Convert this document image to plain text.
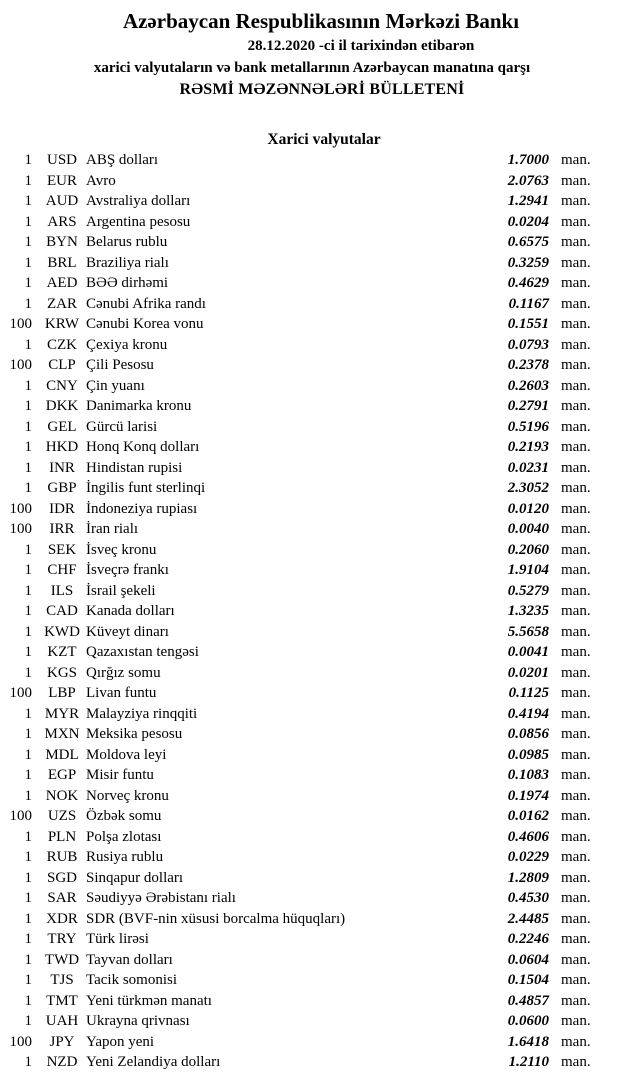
Azərbaycan Respublikasının Mərkəzi Bankı
28.12.2020 -ci il tarixindən etibarən
xarici valyutaların və bank metallarının Azərbaycan manatına qarşı
RƏSMİ MƏZƏNNƏLƏRİ BÜLLETENİ
Xarici valyutalar
1 USD ABŞ dolları	1.7000 man.
1	EUR Avro	2.0763 man.
1 AUD Avstraliya dolları	1.2941 man.
1	ARS Argentina pesosu	0.0204 man.
1 BYN Belarus rublu	0.6575 man.
1	BRL Braziliya rialı	0.3259 man.
1 AED BƏƏ dirhəmi	0.4629 man.
1	ZAR Cənubi Afrika randı	0.1167 man.
100 KRW Cənubi Korea vonu	0.1551 man.
1	CZK Çexiya kronu	0.0793 man.
100	CLP Çili Pesosu	0.2378 man.
1 CNY Çin yuanı	0.2603 man.
1 DKK Danimarka kronu	0.2791 man.
1	GEL Gürcü larisi	0.5196 man.
1 HKD Honq Konq dolları	0.2193 man.
1	INR Hindistan rupisi	0.0231 man.
1	GBP İngilis funt sterlinqi	2.3052 man.
100	IDR İndoneziya rupiası	0.0120 man.
100	IRR İran rialı	0.0040 man.
1	SEK İsveç kronu	0.2060 man.
1	CHF İsveçrə frankı	1.9104 man.
1	ILS İsrail şekeli	0.5279 man.
1 CAD Kanada dolları	1.3235 man.
1 KWD Küveyt dinarı	5.5658 man.
1	KZT Qazaxıstan tengəsi	0.0041 man.
1 KGS Qırğız somu	0.0201 man.
100	LBP Livan funtu	0.1125 man.
1 MYR Malayziya rinqqiti	0.4194 man.
1 MXN Meksika pesosu	0.0856 man.
1 MDL Moldova leyi	0.0985 man.
1	EGP Misir funtu	0.1083 man.
1 NOK Norveç kronu	0.1974 man.
100	UZS Özbək somu	0.0162 man.
1	PLN Polşa zlotası	0.4606 man.
1 RUB Rusiya rublu	0.0229 man.
1 SGD Sinqapur dolları	1.2809 man.
1	SAR Səudiyyə Ərəbistanı rialı	0.4530 man.
1 XDR SDR (BVF-nin xüsusi borcalma hüquqları)	2.4485 man.
1	TRY Türk lirəsi	0.2246 man.
1 TWD Tayvan dolları	0.0604 man.
1	TJS Tacik somonisi	0.1504 man.
1 TMT Yeni türkmən manatı	0.4857 man.
1 UAH Ukrayna qrivnası	0.0600 man.
100	JPY Yapon yeni	1.6418 man.
1 NZD Yeni Zelandiya dolları	1.2110 man.
